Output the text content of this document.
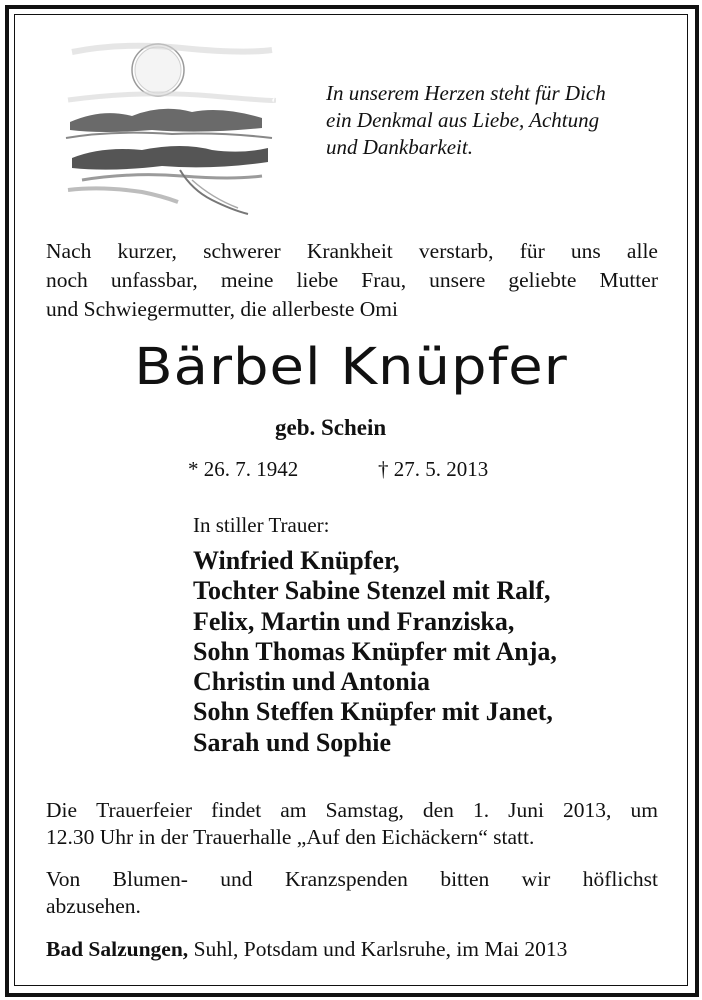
In unserem Herzen steht für Dich
ein Denkmal aus Liebe, Achtung
und Dankbarkeit.
Nach kurzer, schwerer Krankheit verstarb, für uns alle
noch unfassbar, meine liebe Frau, unsere geliebte Mutter
und Schwiegermutter, die allerbeste Omi
Bärbel Knüpfer
geb. Schein
* 26. 7. 1942	† 27. 5. 2013
In stiller Trauer:
Winfried Knüpfer,
Tochter Sabine Stenzel mit Ralf,
Felix, Martin und Franziska,
Sohn Thomas Knüpfer mit Anja,
Christin und Antonia
Sohn Steffen Knüpfer mit Janet,
Sarah und Sophie
Die Trauerfeier findet am Samstag, den 1. Juni 2013, um
12.30 Uhr in der Trauerhalle „Auf den Eichäckern“ statt.
Von Blumen- und Kranzspenden bitten wir höflichst
abzusehen.
Bad Salzungen, Suhl, Potsdam und Karlsruhe, im Mai 2013
